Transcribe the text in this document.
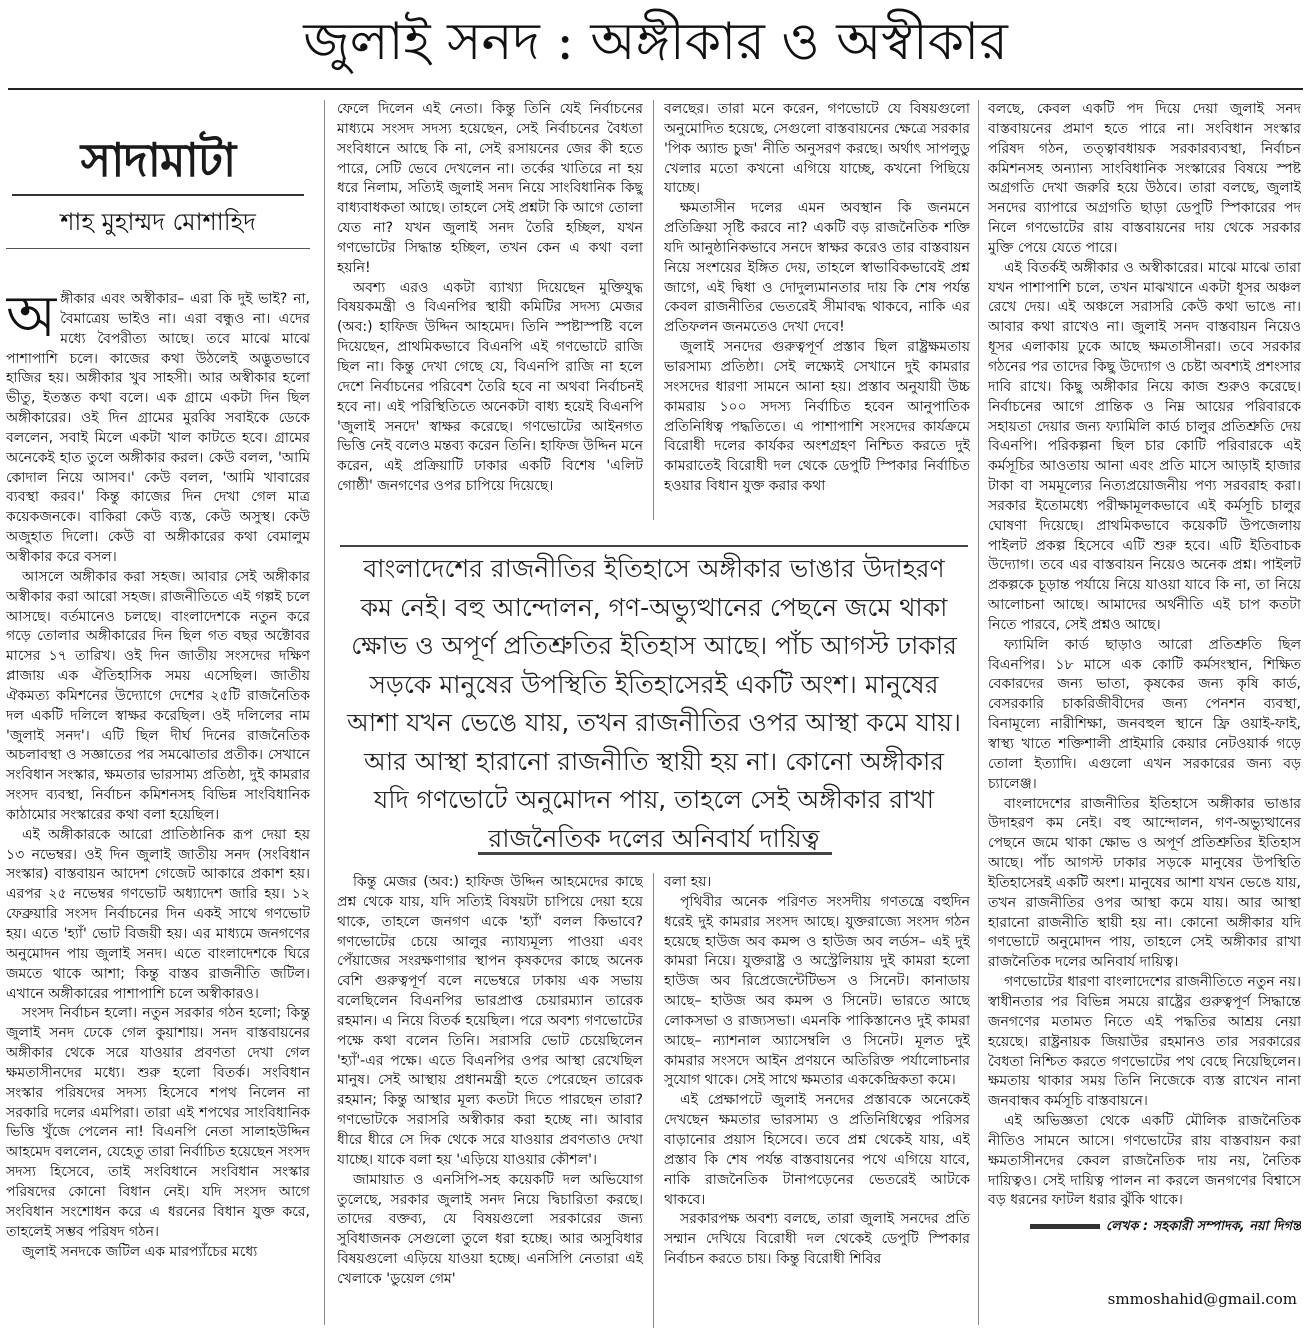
জুলাই সনদ : অঙ্গীকার ও অস্বীকার
সাদামাটা
শাহ মুহাম্মদ মোশাহিদ

অঙ্গীকার এবং অস্বীকার– এরা কি দুই ভাই? না, বৈমাত্রেয় ভাইও না। এরা বন্ধুও না। এদের মধ্যে বৈপরীত্য আছে। তবে মাঝে মাঝে পাশাপাশি চলে। কাজের কথা উঠলেই অদ্ভুতভাবে হাজির হয়। অঙ্গীকার খুব সাহসী। আর অস্বীকার হলো ভীতু, ইতস্তত কথা বলে। এক গ্রামে একটা দিন ছিল অঙ্গীকারের। ওই দিন গ্রামের মুরব্বি সবাইকে ডেকে বললেন, সবাই মিলে একটা খাল কাটতে হবে। গ্রামের অনেকেই হাত তুলে অঙ্গীকার করল। কেউ বলল, 'আমি কোদাল নিয়ে আসব।' কেউ বলল, 'আমি খাবারের ব্যবস্থা করব।' কিন্তু কাজের দিন দেখা গেল মাত্র কয়েকজনকে। বাকিরা কেউ ব্যস্ত, কেউ অসুস্থ। কেউ অজুহাত দিলো। কেউ বা অঙ্গীকারের কথা বেমালুম অস্বীকার করে বসল।

আসলে অঙ্গীকার করা সহজ। আবার সেই অঙ্গীকার অস্বীকার করা আরো সহজ। রাজনীতিতে এই গল্পই চলে আসছে। বর্তমানেও চলছে। বাংলাদেশকে নতুন করে গড়ে তোলার অঙ্গীকারের দিন ছিল গত বছর অক্টোবর মাসের ১৭ তারিখ। ওই দিন জাতীয় সংসদের দক্ষিণ প্লাজায় এক ঐতিহাসিক সময় এসেছিল। জাতীয় ঐকমত্য কমিশনের উদ্যোগে দেশের ২৫টি রাজনৈতিক দল একটি দলিলে স্বাক্ষর করেছিল। ওই দলিলের নাম 'জুলাই সনদ'। এটি ছিল দীর্ঘ দিনের রাজনৈতিক অচলাবস্থা ও সজ্ঞাতের পর সমঝোতার প্রতীক। সেখানে সংবিধান সংস্কার, ক্ষমতার ভারসাম্য প্রতিষ্ঠা, দুই কামরার সংসদ ব্যবস্থা, নির্বাচন কমিশনসহ বিভিন্ন সাংবিধানিক কাঠামোর সংস্কারের কথা বলা হয়েছিল।

এই অঙ্গীকারকে আরো প্রাতিষ্ঠানিক রূপ দেয়া হয় ১৩ নভেম্বর। ওই দিন জুলাই জাতীয় সনদ (সংবিধান সংস্কার) বাস্তবায়ন আদেশ গেজেট আকারে প্রকাশ হয়। এরপর ২৫ নভেম্বর গণভোট অধ্যাদেশ জারি হয়। ১২ ফেব্রুয়ারি সংসদ নির্বাচনের দিন একই সাথে গণভোট হয়। এতে 'হ্যাঁ' ভোট বিজয়ী হয়। এর মাধ্যমে জনগণের অনুমোদন পায় জুলাই সনদ। এতে বাংলাদেশকে ঘিরে জমতে থাকে আশা; কিন্তু বাস্তব রাজনীতি জটিল। এখানে অঙ্গীকারের পাশাপাশি চলে অস্বীকারও।

সংসদ নির্বাচন হলো। নতুন সরকার গঠন হলো; কিন্তু জুলাই সনদ ঢেকে গেল কুয়াশায়। সনদ বাস্তবায়নের অঙ্গীকার থেকে সরে যাওয়ার প্রবণতা দেখা গেল ক্ষমতাসীনদের মধ্যে। শুরু হলো বিতর্ক। সংবিধান সংস্কার পরিষদের সদস্য হিসেবে শপথ নিলেন না সরকারি দলের এমপিরা। তারা এই শপথের সাংবিধানিক ভিত্তি খুঁজে পেলেন না! বিএনপি নেতা সালাহউদ্দিন আহমেদ বললেন, যেহেতু তারা নির্বাচিত হয়েছেন সংসদ সদস্য হিসেবে, তাই সংবিধানে সংবিধান সংস্কার পরিষদের কোনো বিধান নেই। যদি সংসদ আগে সংবিধান সংশোধন করে এ ধরনের বিধান যুক্ত করে, তাহলেই সম্ভব পরিষদ গঠন।

জুলাই সনদকে জটিল এক মারপ্যাঁচের মধ্যে

ফেলে দিলেন এই নেতা। কিন্তু তিনি যেই নির্বাচনের মাধ্যমে সংসদ সদস্য হয়েছেন, সেই নির্বাচনের বৈধতা সংবিধানে আছে কি না, সেই রসায়নের জের কী হতে পারে, সেটি ভেবে দেখলেন না। তর্কের খাতিরে না হয় ধরে নিলাম, সত্যিই জুলাই সনদ নিয়ে সাংবিধানিক কিছু বাধ্যবাধকতা আছে। তাহলে সেই প্রশ্নটা কি আগে তোলা যেত না? যখন জুলাই সনদ তৈরি হচ্ছিল, যখন গণভোটের সিদ্ধান্ত হচ্ছিল, তখন কেন এ কথা বলা হয়নি!

অবশ্য এরও একটা ব্যাখ্যা দিয়েছেন মুক্তিযুদ্ধ বিষয়কমন্ত্রী ও বিএনপির স্থায়ী কমিটির সদস্য মেজর (অব:) হাফিজ উদ্দিন আহমেদ। তিনি স্পষ্টাস্পষ্টি বলে দিয়েছেন, প্রাথমিকভাবে বিএনপি এই গণভোটে রাজি ছিল না। কিন্তু দেখা গেছে যে, বিএনপি রাজি না হলে দেশে নির্বাচনের পরিবেশ তৈরি হবে না অথবা নির্বাচনই হবে না। এই পরিস্থিতিতে অনেকটা বাধ্য হয়েই বিএনপি 'জুলাই সনদে' স্বাক্ষর করেছে। গণভোটের আইনগত ভিত্তি নেই বলেও মন্তব্য করেন তিনি। হাফিজ উদ্দিন মনে করেন, এই প্রক্রিয়াটি ঢাকার একটি বিশেষ 'এলিট গোষ্ঠী' জনগণের ওপর চাপিয়ে দিয়েছে।

বলছের। তারা মনে করেন, গণভোটে যে বিষয়গুলো অনুমোদিত হয়েছে, সেগুলো বাস্তবায়নের ক্ষেত্রে সরকার 'পিক অ্যান্ড চুজ' নীতি অনুসরণ করছে। অর্থাৎ সাপলুডু খেলার মতো কখনো এগিয়ে যাচ্ছে, কখনো পিছিয়ে যাচ্ছে।

ক্ষমতাসীন দলের এমন অবস্থান কি জনমনে প্রতিক্রিয়া সৃষ্টি করবে না? একটি বড় রাজনৈতিক শক্তি যদি আনুষ্ঠানিকভাবে সনদে স্বাক্ষর করেও তার বাস্তবায়ন নিয়ে সংশয়ের ইঙ্গিত দেয়, তাহলে স্বাভাবিকভাবেই প্রশ্ন জাগে, এই দ্বিধা ও দোদুল্যমানতার দায় কি শেষ পর্যন্ত কেবল রাজনীতির ভেতরেই সীমাবদ্ধ থাকবে, নাকি এর প্রতিফলন জনমতেও দেখা দেবে!

জুলাই সনদের গুরুত্বপূর্ণ প্রস্তাব ছিল রাষ্ট্রক্ষমতায় ভারসাম্য প্রতিষ্ঠা। সেই লক্ষ্যেই সেখানে দুই কামরার সংসদের ধারণা সামনে আনা হয়। প্রস্তাব অনুযায়ী উচ্চ কামরায় ১০০ সদস্য নির্বাচিত হবেন আনুপাতিক প্রতিনিধিত্ব পদ্ধতিতে। এ পাশাপাশি সংসদের কার্যক্রমে বিরোধী দলের কার্যকর অংশগ্রহণ নিশ্চিত করতে দুই কামরাতেই বিরোধী দল থেকে ডেপুটি স্পিকার নির্বাচিত হওয়ার বিধান যুক্ত করার কথা

বাংলাদেশের রাজনীতির ইতিহাসে অঙ্গীকার ভাঙার উদাহরণ কম নেই। বহু আন্দোলন, গণ-অভ্যুত্থানের পেছনে জমে থাকা ক্ষোভ ও অপূর্ণ প্রতিশ্রুতির ইতিহাস আছে। পাঁচ আগস্ট ঢাকার সড়কে মানুষের উপস্থিতি ইতিহাসেরই একটি অংশ। মানুষের আশা যখন ভেঙে যায়, তখন রাজনীতির ওপর আস্থা কমে যায়। আর আস্থা হারানো রাজনীতি স্থায়ী হয় না। কোনো অঙ্গীকার যদি গণভোটে অনুমোদন পায়, তাহলে সেই অঙ্গীকার রাখা রাজনৈতিক দলের অনিবার্য দায়িত্ব

কিন্তু মেজর (অব:) হাফিজ উদ্দিন আহমেদের কাছে প্রশ্ন থেকে যায়, যদি সত্যিই বিষয়টা চাপিয়ে দেয়া হয়ে থাকে, তাহলে জনগণ একে 'হ্যাঁ' বলল কিভাবে? গণভোটের চেয়ে আলুর ন্যায্যমূল্য পাওয়া এবং পেঁয়াজের সংরক্ষণাগার স্থাপন কৃষকদের কাছে অনেক বেশি গুরুত্বপূর্ণ বলে নভেম্বরে ঢাকায় এক সভায় বলেছিলেন বিএনপির ভারপ্রাপ্ত চেয়ারম্যান তারেক রহমান। এ নিয়ে বিতর্ক হয়েছিল। পরে অবশ্য গণভোটের পক্ষে কথা বলেন তিনি। সরাসরি ভোট চেয়েছিলেন 'হ্যাঁ'-এর পক্ষে। এতে বিএনপির ওপর আস্থা রেখেছিল মানুষ। সেই আস্থায় প্রধানমন্ত্রী হতে পেরেছেন তারেক রহমান; কিন্তু আস্থার মূল্য কতটা দিতে পারছেন তারা? গণভোটকে সরাসরি অস্বীকার করা হচ্ছে না। আবার ধীরে ধীরে সে দিক থেকে সরে যাওয়ার প্রবণতাও দেখা যাচ্ছে। যাকে বলা হয় 'এড়িয়ে যাওয়ার কৌশল'।

জামায়াত ও এনসিপি-সহ কয়েকটি দল অভিযোগ তুলেছে, সরকার জুলাই সনদ নিয়ে দ্বিচারিতা করছে। তাদের বক্তব্য, যে বিষয়গুলো সরকারের জন্য সুবিধাজনক সেগুলো তুলে ধরা হচ্ছে। আর অসুবিধার বিষয়গুলো এড়িয়ে যাওয়া হচ্ছে। এনসিপি নেতারা এই খেলাকে 'ডুয়েল গেম'

বলা হয়।

পৃথিবীর অনেক পরিণত সংসদীয় গণতন্ত্রে বহুদিন ধরেই দুই কামরার সংসদ আছে। যুক্তরাজ্যে সংসদ গঠন হয়েছে হাউজ অব কমন্স ও হাউজ অব লর্ডস– এই দুই কামরা নিয়ে। যুক্তরাষ্ট্র ও অস্ট্রেলিয়ায় দুই কামরা হলো হাউজ অব রিপ্রেজেন্টেটিভস ও সিনেট। কানাডায় আছে– হাউজ অব কমন্স ও সিনেট। ভারতে আছে লোকসভা ও রাজ্যসভা। এমনকি পাকিস্তানেও দুই কামরা আছে– ন্যাশনাল অ্যাসেম্বলি ও সিনেট। মূলত দুই কামরার সংসদে আইন প্রণয়নে অতিরিক্ত পর্যালোচনার সুযোগ থাকে। সেই সাথে ক্ষমতার এককেন্দ্রিকতা কমে।

এই প্রেক্ষাপটে জুলাই সনদের প্রস্তাবকে অনেকেই দেখছেন ক্ষমতার ভারসাম্য ও প্রতিনিধিত্বের পরিসর বাড়ানোর প্রয়াস হিসেবে। তবে প্রশ্ন থেকেই যায়, এই প্রস্তাব কি শেষ পর্যন্ত বাস্তবায়নের পথে এগিয়ে যাবে, নাকি রাজনৈতিক টানাপড়েনের ভেতরেই আটকে থাকবে।

সরকারপক্ষ অবশ্য বলছে, তারা জুলাই সনদের প্রতি সম্মান দেখিয়ে বিরোধী দল থেকেই ডেপুটি স্পিকার নির্বাচন করতে চায়। কিন্তু বিরোধী শিবির

বলছে, কেবল একটি পদ দিয়ে দেয়া জুলাই সনদ বাস্তবায়নের প্রমাণ হতে পারে না। সংবিধান সংস্কার পরিষদ গঠন, তত্ত্বাবধায়ক সরকারব্যবস্থা, নির্বাচন কমিশনসহ অন্যান্য সাংবিধানিক সংস্কারের বিষয়ে স্পষ্ট অগ্রগতি দেখা জরুরি হয়ে উঠবে। তারা বলছে, জুলাই সনদের ব্যাপারে অগ্রগতি ছাড়া ডেপুটি স্পিকারের পদ নিলে গণভোটের রায় বাস্তবায়নের দায় থেকে সরকার মুক্তি পেয়ে যেতে পারে।

এই বিতর্কই অঙ্গীকার ও অস্বীকারের। মাঝে মাঝে তারা যখন পাশাপাশি চলে, তখন মাঝখানে একটা ধূসর অঞ্চল রেখে দেয়। এই অঞ্চলে সরাসরি কেউ কথা ভাঙে না। আবার কথা রাখেও না। জুলাই সনদ বাস্তবায়ন নিয়েও ধূসর এলাকায় ঢুকে আছে ক্ষমতাসীনরা। তবে সরকার গঠনের পর তাদের কিছু উদ্যোগ ও চেষ্টা অবশ্যই প্রশংসার দাবি রাখে। কিছু অঙ্গীকার নিয়ে কাজ শুরুও করেছে। নির্বাচনের আগে প্রান্তিক ও নিম্ন আয়ের পরিবারকে সহায়তা দেয়ার জন্য ফ্যামিলি কার্ড চালুর প্রতিশ্রুতি দেয় বিএনপি। পরিকল্পনা ছিল চার কোটি পরিবারকে এই কর্মসূচির আওতায় আনা এবং প্রতি মাসে আড়াই হাজার টাকা বা সমমূল্যের নিত্যপ্রয়োজনীয় পণ্য সরবরাহ করা। সরকার ইতোমধ্যে পরীক্ষামূলকভাবে এই কর্মসূচি চালুর ঘোষণা দিয়েছে। প্রাথমিকভাবে কয়েকটি উপজেলায় পাইলট প্রকল্প হিসেবে এটি শুরু হবে। এটি ইতিবাচক উদ্যোগ। তবে এর বাস্তবায়ন নিয়েও অনেক প্রশ্ন। পাইলট প্রকল্পকে চূড়ান্ত পর্যায়ে নিয়ে যাওয়া যাবে কি না, তা নিয়ে আলোচনা আছে। আমাদের অর্থনীতি এই চাপ কতটা নিতে পারবে, সেই প্রশ্নও আছে।

ফ্যামিলি কার্ড ছাড়াও আরো প্রতিশ্রুতি ছিল বিএনপির। ১৮ মাসে এক কোটি কর্মসংস্থান, শিক্ষিত বেকারদের জন্য ভাতা, কৃষকের জন্য কৃষি কার্ড, বেসরকারি চাকরিজীবীদের জন্য পেনশন ব্যবস্থা, বিনামূল্যে নারীশিক্ষা, জনবহুল স্থানে ফ্রি ওয়াই-ফাই, স্বাস্থ্য খাতে শক্তিশালী প্রাইমারি কেয়ার নেটওয়ার্ক গড়ে তোলা ইত্যাদি। এগুলো এখন সরকারের জন্য বড় চ্যালেঞ্জ।

বাংলাদেশের রাজনীতির ইতিহাসে অঙ্গীকার ভাঙার উদাহরণ কম নেই। বহু আন্দোলন, গণ-অভ্যুত্থানের পেছনে জমে থাকা ক্ষোভ ও অপূর্ণ প্রতিশ্রুতির ইতিহাস আছে। পাঁচ আগস্ট ঢাকার সড়কে মানুষের উপস্থিতি ইতিহাসেরই একটি অংশ। মানুষের আশা যখন ভেঙে যায়, তখন রাজনীতির ওপর আস্থা কমে যায়। আর আস্থা হারানো রাজনীতি স্থায়ী হয় না। কোনো অঙ্গীকার যদি গণভোটে অনুমোদন পায়, তাহলে সেই অঙ্গীকার রাখা রাজনৈতিক দলের অনিবার্য দায়িত্ব।

গণভোটের ধারণা বাংলাদেশের রাজনীতিতে নতুন নয়। স্বাধীনতার পর বিভিন্ন সময়ে রাষ্ট্রের গুরুত্বপূর্ণ সিদ্ধান্তে জনগণের মতামত নিতে এই পদ্ধতির আশ্রয় নেয়া হয়েছে। রাষ্ট্রনায়ক জিয়াউর রহমানও তার সরকারের বৈধতা নিশ্চিত করতে গণভোটের পথ বেছে নিয়েছিলেন। ক্ষমতায় থাকার সময় তিনি নিজেকে ব্যস্ত রাখেন নানা জনবান্ধব কর্মসূচি বাস্তবায়নে।

এই অভিজ্ঞতা থেকে একটি মৌলিক রাজনৈতিক নীতিও সামনে আসে। গণভোটের রায় বাস্তবায়ন করা ক্ষমতাসীনদের কেবল রাজনৈতিক দায় নয়, নৈতিক দায়িত্বও। সেই দায়িত্ব পালন না করলে জনগণের বিশ্বাসে বড় ধরনের ফাটল ধরার ঝুঁকি থাকে।

লেখক : সহকারী সম্পাদক, নয়া দিগন্ত
smmoshahid@gmail.com
